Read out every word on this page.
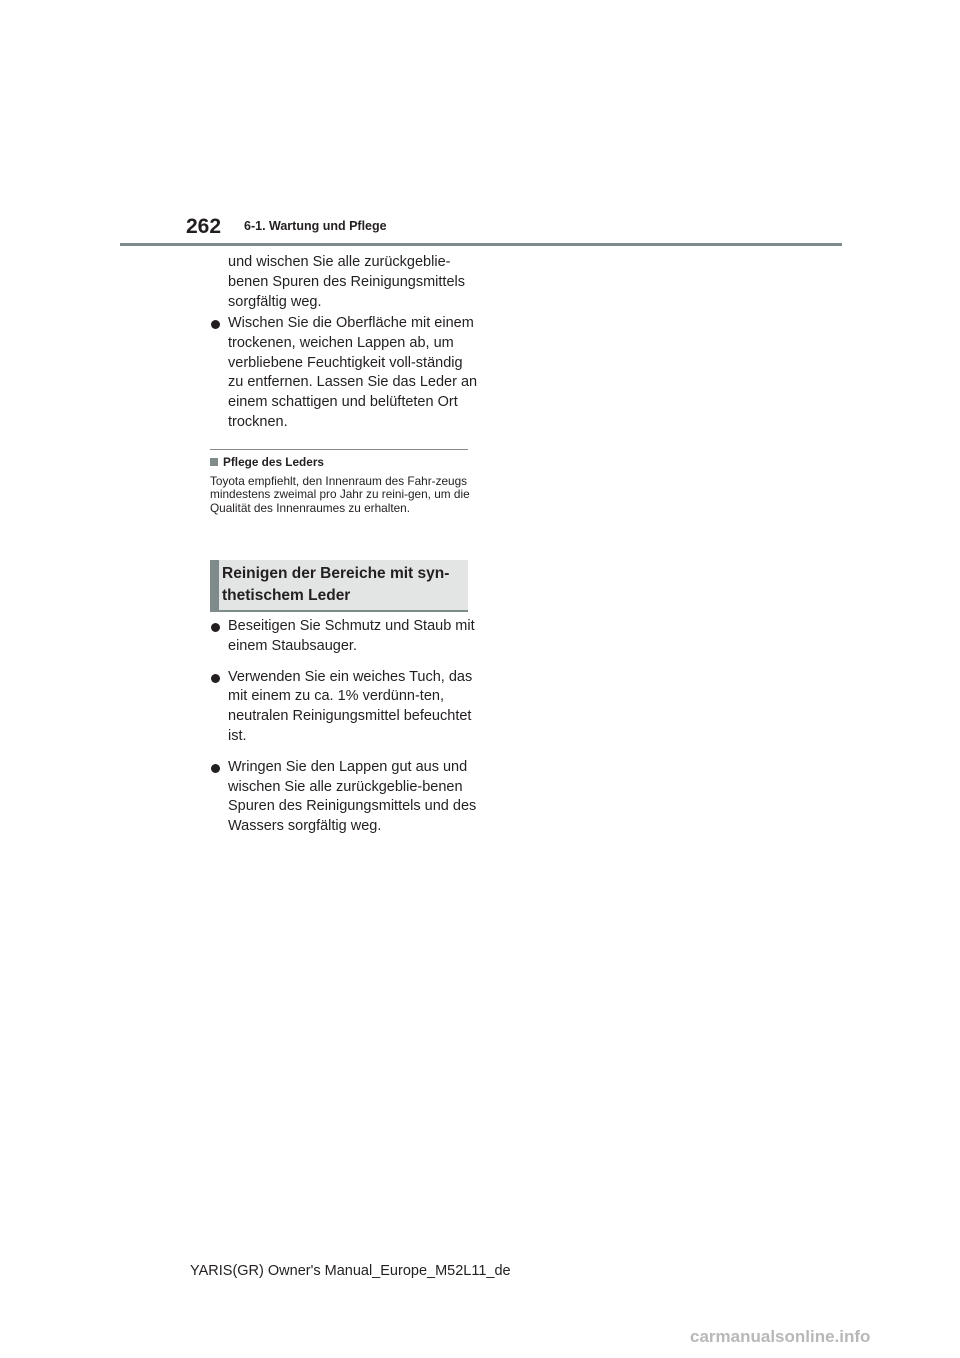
262 6-1. Wartung und Pflege

und wischen Sie alle zurückgeblie-benen Spuren des Reinigungsmittels sorgfältig weg.

Wischen Sie die Oberfläche mit einem trockenen, weichen Lappen ab, um verbliebene Feuchtigkeit voll-ständig zu entfernen. Lassen Sie das Leder an einem schattigen und belüfteten Ort trocknen.
Pflege des Leders

Toyota empfiehlt, den Innenraum des Fahr-zeugs mindestens zweimal pro Jahr zu reini-gen, um die Qualität des Innenraumes zu erhalten.

Reinigen der Bereiche mit syn-thetischem Leder
Beseitigen Sie Schmutz und Staub mit einem Staubsauger.
Verwenden Sie ein weiches Tuch, das mit einem zu ca. 1% verdünn-ten, neutralen Reinigungsmittel befeuchtet ist.
Wringen Sie den Lappen gut aus und wischen Sie alle zurückgeblie-benen Spuren des Reinigungsmittels und des Wassers sorgfältig weg.
YARIS(GR) Owner's Manual_Europe_M52L11_de
carmanualsonline.info
